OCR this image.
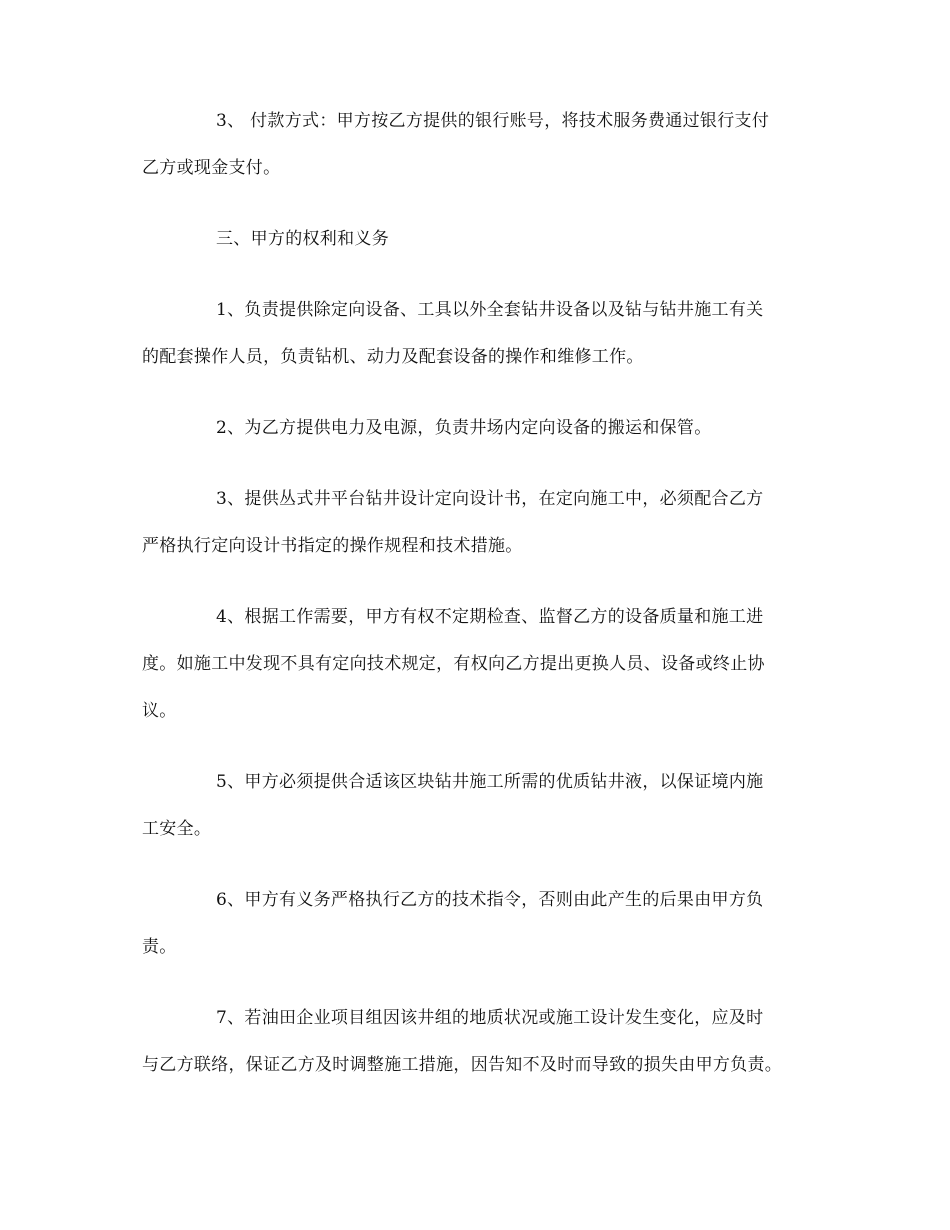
3、 付款方式：甲方按乙方提供的银行账号，将技术服务费通过银行支付
乙方或现金支付。

三、甲方的权利和义务

1、负责提供除定向设备、工具以外全套钻井设备以及钻与钻井施工有关
的配套操作人员，负责钻机、动力及配套设备的操作和维修工作。

2、为乙方提供电力及电源，负责井场内定向设备的搬运和保管。

3、提供丛式井平台钻井设计定向设计书，在定向施工中，必须配合乙方
严格执行定向设计书指定的操作规程和技术措施。

4、根据工作需要，甲方有权不定期检查、监督乙方的设备质量和施工进
度。如施工中发现不具有定向技术规定，有权向乙方提出更换人员、设备或终止协
议。

5、甲方必须提供合适该区块钻井施工所需的优质钻井液，以保证境内施
工安全。

6、甲方有义务严格执行乙方的技术指令，否则由此产生的后果由甲方负
责。

7、若油田企业项目组因该井组的地质状况或施工设计发生变化，应及时
与乙方联络，保证乙方及时调整施工措施，因告知不及时而导致的损失由甲方负责。
